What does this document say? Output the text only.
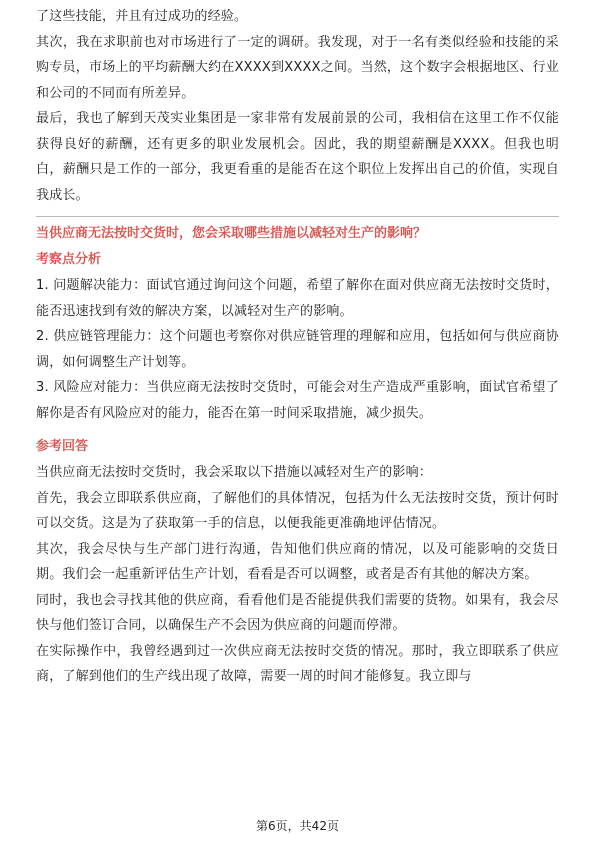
了这些技能，并且有过成功的经验。

其次，我在求职前也对市场进行了一定的调研。我发现，对于一名有类似经验和技能的采购专员，市场上的平均薪酬大约在XXXX到XXXX之间。当然，这个数字会根据地区、行业和公司的不同而有所差异。

最后，我也了解到天茂实业集团是一家非常有发展前景的公司，我相信在这里工作不仅能获得良好的薪酬，还有更多的职业发展机会。因此，我的期望薪酬是XXXX。但我也明白，薪酬只是工作的一部分，我更看重的是能否在这个职位上发挥出自己的价值，实现自我成长。

当供应商无法按时交货时，您会采取哪些措施以减轻对生产的影响？

考察点分析

1. 问题解决能力：面试官通过询问这个问题，希望了解你在面对供应商无法按时交货时，能否迅速找到有效的解决方案，以减轻对生产的影响。

2. 供应链管理能力：这个问题也考察你对供应链管理的理解和应用，包括如何与供应商协调，如何调整生产计划等。

3. 风险应对能力：当供应商无法按时交货时，可能会对生产造成严重影响，面试官希望了解你是否有风险应对的能力，能否在第一时间采取措施，减少损失。

参考回答

当供应商无法按时交货时，我会采取以下措施以减轻对生产的影响：

首先，我会立即联系供应商，了解他们的具体情况，包括为什么无法按时交货，预计何时可以交货。这是为了获取第一手的信息，以便我能更准确地评估情况。

其次，我会尽快与生产部门进行沟通，告知他们供应商的情况，以及可能影响的交货日期。我们会一起重新评估生产计划，看看是否可以调整，或者是否有其他的解决方案。

同时，我也会寻找其他的供应商，看看他们是否能提供我们需要的货物。如果有，我会尽快与他们签订合同，以确保生产不会因为供应商的问题而停滞。

在实际操作中，我曾经遇到过一次供应商无法按时交货的情况。那时，我立即联系了供应商，了解到他们的生产线出现了故障，需要一周的时间才能修复。我立即与

第6页，共42页
